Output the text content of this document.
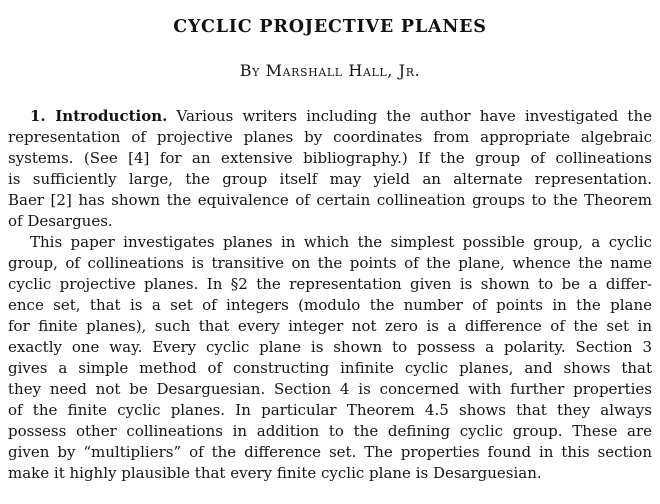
CYCLIC PROJECTIVE PLANES
By Marshall Hall, Jr.
1. Introduction. Various writers including the author have investigated the
representation of projective planes by coordinates from appropriate algebraic
systems. (See [4] for an extensive bibliography.) If the group of collineations
is sufficiently large, the group itself may yield an alternate representation.
Baer [2] has shown the equivalence of certain collineation groups to the Theorem
of Desargues.
This paper investigates planes in which the simplest possible group, a cyclic
group, of collineations is transitive on the points of the plane, whence the name
cyclic projective planes. In §2 the representation given is shown to be a differ-
ence set, that is a set of integers (modulo the number of points in the plane
for finite planes), such that every integer not zero is a difference of the set in
exactly one way. Every cyclic plane is shown to possess a polarity. Section 3
gives a simple method of constructing infinite cyclic planes, and shows that
they need not be Desarguesian. Section 4 is concerned with further properties
of the finite cyclic planes. In particular Theorem 4.5 shows that they always
possess other collineations in addition to the defining cyclic group. These are
given by “multipliers” of the difference set. The properties found in this section
make it highly plausible that every finite cyclic plane is Desarguesian.
